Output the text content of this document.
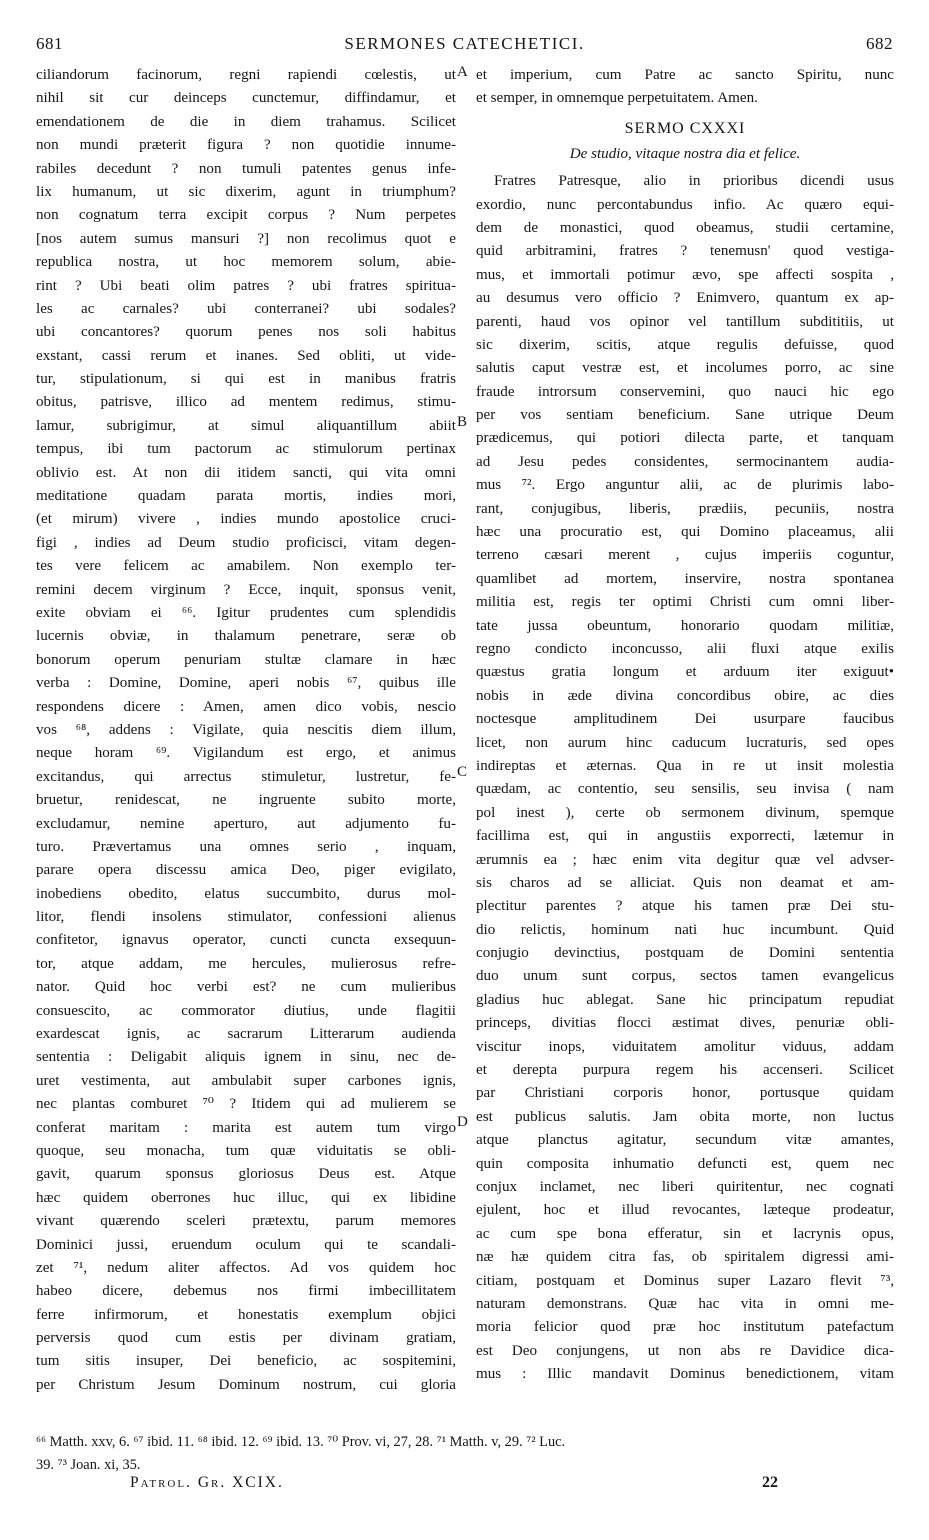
681	SERMONES CATECHETICI.	682
ciliandorum facinorum, regni rapiendi cœlestis, ut
nihil sit cur deinceps cunctemur, diffindamur, et
emendationem de die in diem trahamus. Scilicet
non mundi præterit figura ? non quotidie innume-
rabiles decedunt ? non tumuli patentes genus infe-
lix humanum, ut sic dixerim, agunt in triumphum?
non cognatum terra excipit corpus ? Num perpetes
[nos autem sumus mansuri ?] non recolimus quot e
republica nostra, ut hoc memorem solum, abie-
rint ? Ubi beati olim patres ? ubi fratres spiritua-
les ac carnales? ubi conterranei? ubi sodales?
ubi concantores? quorum penes nos soli habitus
exstant, cassi rerum et inanes. Sed obliti, ut vide-
tur, stipulationum, si qui est in manibus fratris
obitus, patrisve, illico ad mentem redimus, stimu-
lamur, subrigimur, at simul aliquantillum abiit
tempus, ibi tum pactorum ac stimulorum pertinax
oblivio est. At non dii itidem sancti, qui vita omni
meditatione quadam parata mortis, indies mori,
(et mirum) vivere , indies mundo apostolice cruci-
figi , indies ad Deum studio proficisci, vitam degen-
tes vere felicem ac amabilem. Non exemplo ter-
remini decem virginum ? Ecce, inquit, sponsus venit,
exite obviam ei ⁶⁶. Igitur prudentes cum splendidis
lucernis obviæ, in thalamum penetrare, seræ ob
bonorum operum penuriam stultæ clamare in hæc
verba : Domine, Domine, aperi nobis ⁶⁷, quibus ille
respondens dicere : Amen, amen dico vobis, nescio
vos ⁶⁸, addens : Vigilate, quia nescitis diem illum,
neque horam ⁶⁹. Vigilandum est ergo, et animus
excitandus, qui arrectus stimuletur, lustretur, fe-
bruetur, renidescat, ne ingruente subito morte,
excludamur, nemine aperturo, aut adjumento fu-
turo. Prævertamus una omnes serio , inquam,
parare opera discessu amica Deo, piger evigilato,
inobediens obedito, elatus succumbito, durus mol-
litor, flendi insolens stimulator, confessioni alienus
confitetor, ignavus operator, cuncti cuncta exsequun-
tor, atque addam, me hercules, mulierosus refre-
nator. Quid hoc verbi est? ne cum mulieribus
consuescito, ac commorator diutius, unde flagitii
exardescat ignis, ac sacrarum Litterarum audienda
sententia : Deligabit aliquis ignem in sinu, nec de-
uret vestimenta, aut ambulabit super carbones ignis,
nec plantas comburet ⁷⁰ ? Itidem qui ad mulierem se
conferat maritam : marita est autem tum virgo
quoque, seu monacha, tum quæ viduitatis se obli-
gavit, quarum sponsus gloriosus Deus est. Atque
hæc quidem oberrones huc illuc, qui ex libidine
vivant quærendo sceleri prætextu, parum memores
Dominici jussi, eruendum oculum qui te scandali-
zet ⁷¹, nedum aliter affectos. Ad vos quidem hoc
habeo dicere, debemus nos firmi imbecillitatem
ferre infirmorum, et honestatis exemplum objici
perversis quod cum estis per divinam gratiam,
tum sitis insuper, Dei beneficio, ac sospitemini,
per Christum Jesum Dominum nostrum, cui gloria
et imperium, cum Patre ac sancto Spiritu, nunc
et semper, in omnemque perpetuitatem. Amen.
SERMO CXXXI
De studio, vitaque nostra dia et felice.
Fratres Patresque, alio in prioribus dicendi usus
exordio, nunc percontabundus infio. Ac quæro equi-
dem de monastici, quod obeamus, studii certamine,
quid arbitramini, fratres ? tenemusn' quod vestiga-
mus, et immortali potimur ævo, spe affecti sospita ,
au desumus vero officio ? Enimvero, quantum ex ap-
parenti, haud vos opinor vel tantillum subdititiis, ut
sic dixerim, scitis, atque regulis defuisse, quod
salutis caput vestræ est, et incolumes porro, ac sine
fraude introrsum conservemini, quo nauci hic ego
per vos sentiam beneficium. Sane utrique Deum
prædicemus, qui potiori dilecta parte, et tanquam
ad Jesu pedes considentes, sermocinantem audia-
mus ⁷². Ergo anguntur alii, ac de plurimis labo-
rant, conjugibus, liberis, prædiis, pecuniis, nostra
hæc una procuratio est, qui Domino placeamus, alii
terreno cæsari merent , cujus imperiis coguntur,
quamlibet ad mortem, inservire, nostra spontanea
militia est, regis ter optimi Christi cum omni liber-
tate jussa obeuntum, honorario quodam militiæ,
regno condicto inconcusso, alii fluxi atque exilis
quæstus gratia longum et arduum iter exiguut•
nobis in æde divina concordibus obire, ac dies
noctesque amplitudinem Dei usurpare faucibus
licet, non aurum hinc caducum lucraturis, sed opes
indireptas et æternas. Qua in re ut insit molestia
quædam, ac contentio, seu sensilis, seu invisa ( nam
pol inest ), certe ob sermonem divinum, spemque
facillima est, qui in angustiis exporrecti, lætemur in
ærumnis ea ; hæc enim vita degitur quæ vel advser-
sis charos ad se alliciat. Quis non deamat et am-
plectitur parentes ? atque his tamen præ Dei stu-
dio relictis, hominum nati huc incumbunt. Quid
conjugio devinctius, postquam de Domini sententia
duo unum sunt corpus, sectos tamen evangelicus
gladius huc ablegat. Sane hic principatum repudiat
princeps, divitias flocci æstimat dives, penuriæ obli-
viscitur inops, viduitatem amolitur viduus, addam
et derepta purpura regem his accenseri. Scilicet
par Christiani corporis honor, portusque quidam
est publicus salutis. Jam obita morte, non luctus
atque planctus agitatur, secundum vitæ amantes,
quin composita inhumatio defuncti est, quem nec
conjux inclamet, nec liberi quiritentur, nec cognati
ejulent, hoc et illud revocantes, læteque prodeatur,
ac cum spe bona efferatur, sin et lacrynis opus,
næ hæ quidem citra fas, ob spiritalem digressi ami-
citiam, postquam et Dominus super Lazaro flevit ⁷³,
naturam demonstrans. Quæ hac vita in omni me-
moria felicior quod præ hoc institutum patefactum
est Deo conjungens, ut non abs re Davidice dica-
mus : Illic mandavit Dominus benedictionem, vitam
A
B
C
D
⁶⁶ Matth. xxv, 6. ⁶⁷ ibid. 11. ⁶⁸ ibid. 12. ⁶⁹ ibid. 13. ⁷⁰ Prov. vi, 27, 28. ⁷¹ Matth. v, 29. ⁷² Luc.
39. ⁷³ Joan. xi, 35.
Patrol. Gr. XCIX.	22
